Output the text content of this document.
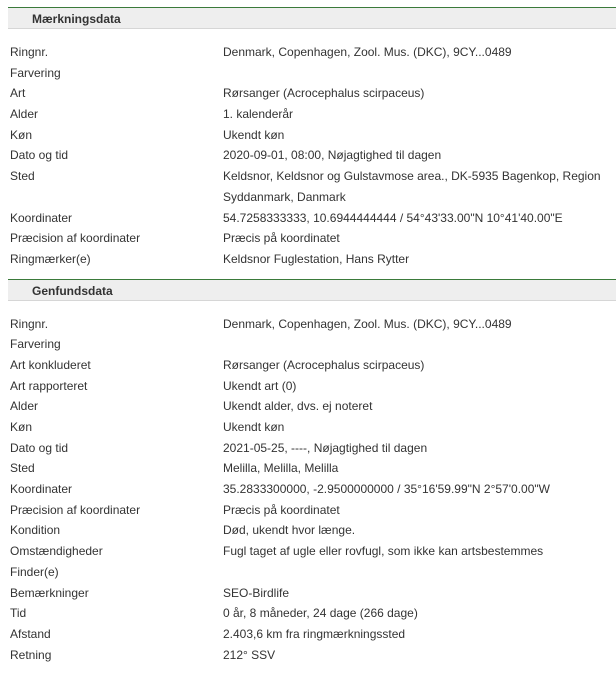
Mærkningsdata
Ringnr.	Denmark, Copenhagen, Zool. Mus. (DKC), 9CY...0489
Farvering
Art	Rørsanger (Acrocephalus scirpaceus)
Alder	1. kalenderår
Køn	Ukendt køn
Dato og tid	2020-09-01, 08:00, Nøjagtighed til dagen
Sted	Keldsnor, Keldsnor og Gulstavmose area., DK-5935 Bagenkop, Region Syddanmark, Danmark
Koordinater	54.7258333333, 10.6944444444 / 54°43'33.00"N 10°41'40.00"E
Præcision af koordinater	Præcis på koordinatet
Ringmærker(e)	Keldsnor Fuglestation, Hans Rytter
Genfundsdata
Ringnr.	Denmark, Copenhagen, Zool. Mus. (DKC), 9CY...0489
Farvering
Art konkluderet	Rørsanger (Acrocephalus scirpaceus)
Art rapporteret	Ukendt art (0)
Alder	Ukendt alder, dvs. ej noteret
Køn	Ukendt køn
Dato og tid	2021-05-25, ----, Nøjagtighed til dagen
Sted	Melilla, Melilla, Melilla
Koordinater	35.2833300000, -2.9500000000 / 35°16'59.99"N 2°57'0.00"W
Præcision af koordinater	Præcis på koordinatet
Kondition	Død, ukendt hvor længe.
Omstændigheder	Fugl taget af ugle eller rovfugl, som ikke kan artsbestemmes
Finder(e)
Bemærkninger	SEO-Birdlife
Tid	0 år, 8 måneder, 24 dage (266 dage)
Afstand	2.403,6 km fra ringmærkningssted
Retning	212° SSV
